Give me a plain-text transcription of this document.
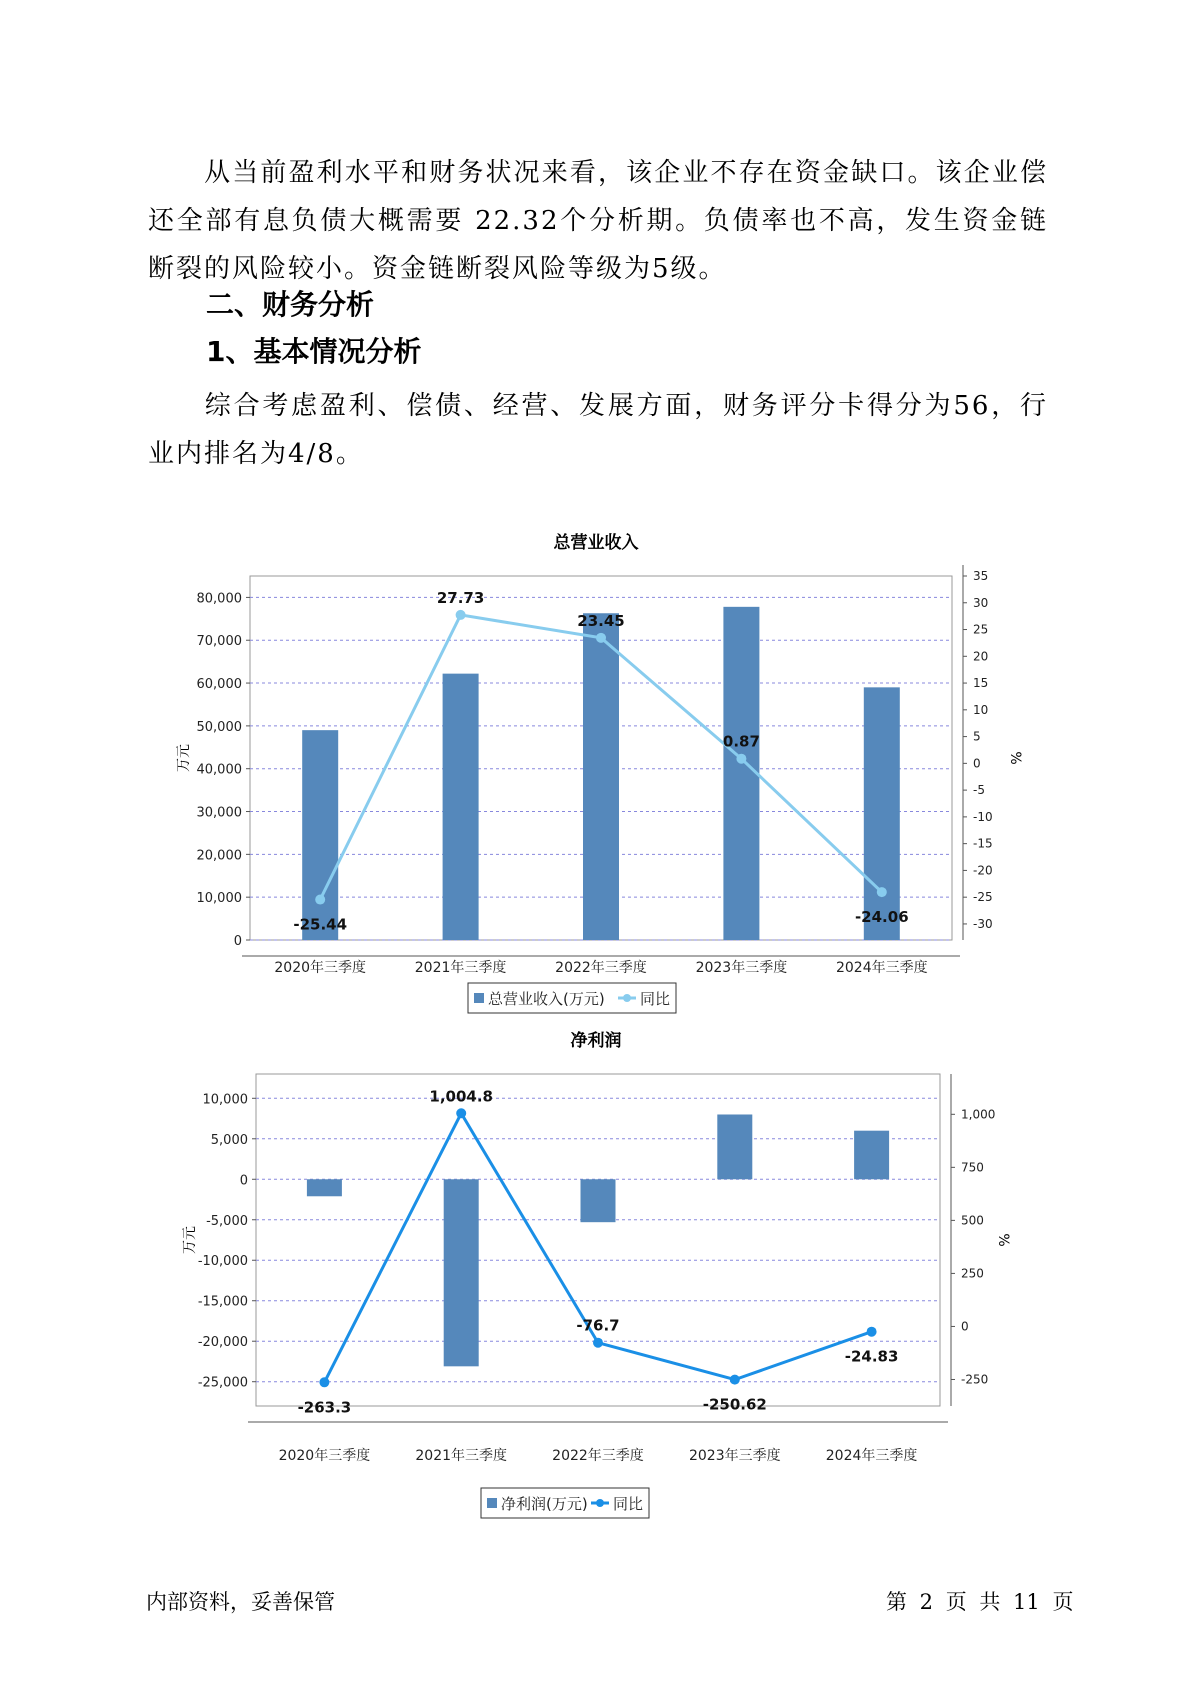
从当前盈利水平和财务状况来看，该企业不存在资金缺口。该企业偿还全部有息负债大概需要 22.32个分析期。负债率也不高，发生资金链断裂的风险较小。资金链断裂风险等级为5级。

二、财务分析

1、基本情况分析

综合考虑盈利、偿债、经营、发展方面，财务评分卡得分为56，行业内排名为4/8。

总营业收入
0
10,000
20,000
30,000
40,000
50,000
60,000
70,000
80,000
-30
-25
-20
-15
-10
-5
0
5
10
15
20
25
30
35
2020年三季度	2021年三季度	2022年三季度	2023年三季度	2024年三季度
-25.44
27.73
23.45
0.87
-24.06
万元	%
总营业收入(万元) 同比
净利润
-25,000
-20,000
-15,000
-10,000
-5,000
0
5,000
10,000
-250
0
250
500
750
1,000
2020年三季度	2021年三季度	2022年三季度	2023年三季度	2024年三季度
-263.3
1,004.8
-76.7
-250.62
-24.83
万元	%
净利润(万元) 同比
内部资料，妥善保管	第 2 页 共 11 页
